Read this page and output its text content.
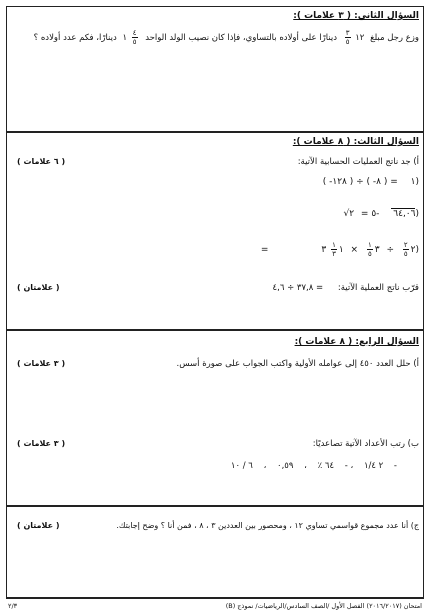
السؤال الثاني: ( ٣ علامات ):
وزع رجل مبلغ ١٢
$\frac{٣}{٥}$
دينارًا على أولاده بالتساوي، فإذا كان نصيب الولد الواحد
$\frac{٤}{٥}$
١ دينارًا، فكم عدد أولاده ؟
السؤال الثالث: ( ٨ علامات ):
أ) جد ناتج العمليات الحسابية الآتية:
( ٦ علامات )
( -١٢٨ ) ÷ ( -٨ ) = ١)
√	٦٤,٠٦ -٥ = ٢)
=	٢
$\frac{٢}{٥}$
÷ ٣
$\frac{١}{٥}$
× ١
$\frac{١}{٣}$
٣)
٣٧,٨ ÷ ٤,٦ = قرّب ناتج العملية الآتية:
( علامتان )
السؤال الرابع: ( ٨ علامات ):
أ) حلل العدد ٤٥٠ إلى عوامله الأولية واكتب الجواب على صورة أسس.
( ٣ علامات )
ب) رتب الأعداد الآتية تصاعديًا:
( ٣ علامات )
٢ ١/٤ ، - ٦٤ ٪ ، ٠,٥٩ ، ٦ / ١٠	-
ج) أنا عدد مجموع قواسمي تساوي ١٢ ، ومحصور بين العددين ٣ ، ٨ ، فمن أنا ؟ وضح إجابتك.
( علامتان )
٢/٣	امتحان (٢٠١٦/٢٠١٧) الفصل الأول /الصف السادس/الرياضيات/ نموذج (B)
